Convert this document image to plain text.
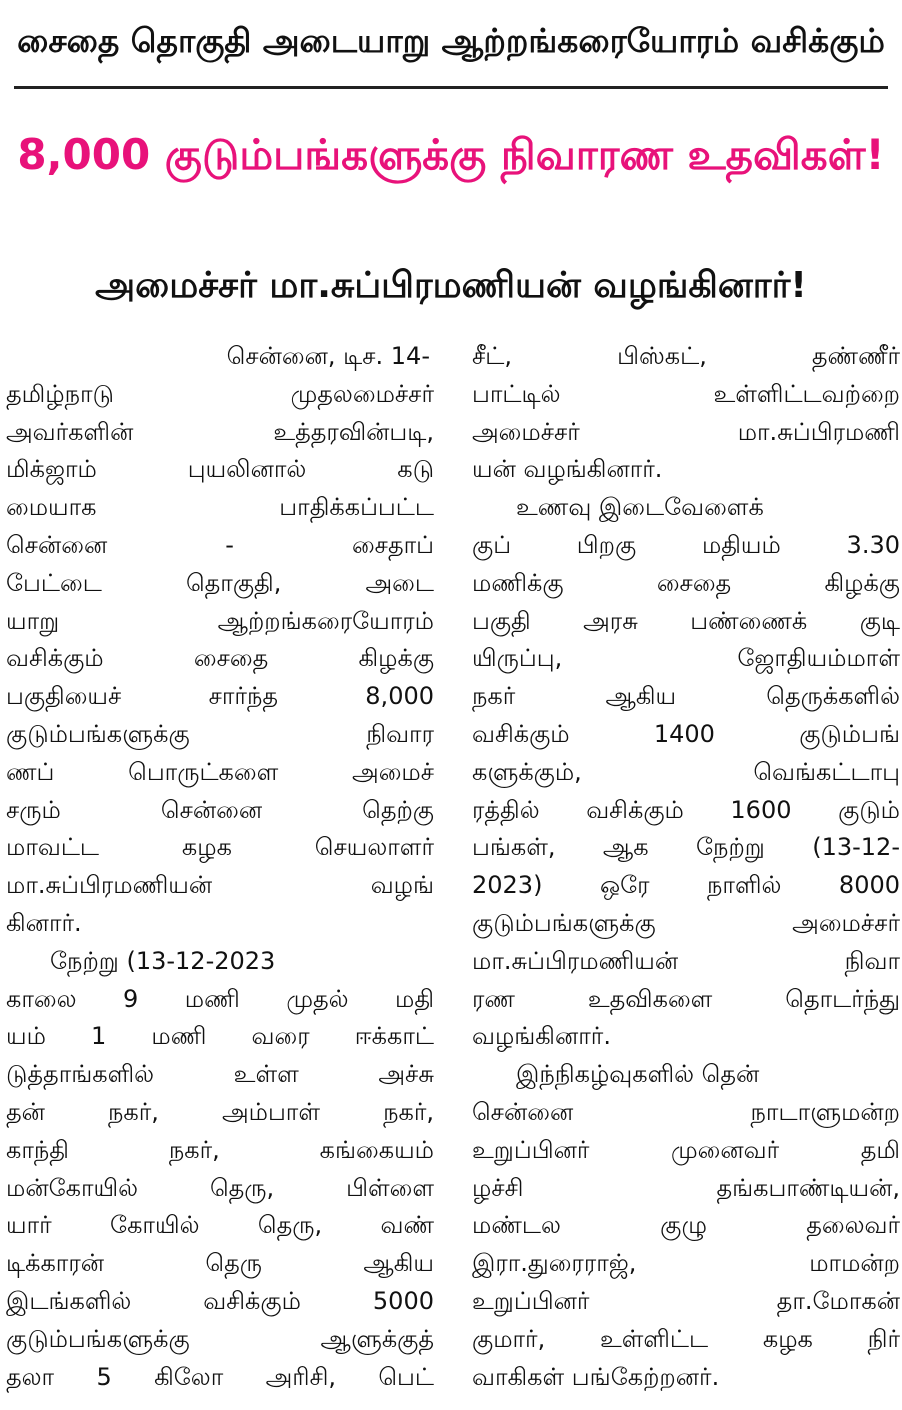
சைதை தொகுதி அடையாறு ஆற்றங்கரையோரம் வசிக்கும்
8,000 குடும்பங்களுக்கு நிவாரண உதவிகள்!
அமைச்சர் மா.சுப்பிரமணியன் வழங்கினார்!
சென்னை, டிச. 14-
தமிழ்நாடு முதலமைச்சர்
அவர்களின் உத்தரவின்படி,
மிக்ஜாம் புயலினால் கடு
மையாக பாதிக்கப்பட்ட
சென்னை - சைதாப்
பேட்டை தொகுதி, அடை
யாறு ஆற்றங்கரையோரம்
வசிக்கும் சைதை கிழக்கு
பகுதியைச் சார்ந்த 8,000
குடும்பங்களுக்கு நிவார
ணப் பொருட்களை அமைச்
சரும் சென்னை தெற்கு
மாவட்ட கழக செயலாளர்
மா.சுப்பிரமணியன் வழங்
கினார்.
நேற்று (13-12-2023
காலை 9 மணி முதல் மதி
யம் 1 மணி வரை ஈக்காட்
டுத்தாங்களில் உள்ள அச்சு
தன் நகர், அம்பாள் நகர்,
காந்தி நகர், கங்கையம்
மன்கோயில் தெரு, பிள்ளை
யார் கோயில் தெரு, வண்
டிக்காரன் தெரு ஆகிய
இடங்களில் வசிக்கும் 5000
குடும்பங்களுக்கு ஆளுக்குத்
தலா 5 கிலோ அரிசி, பெட்
சீட், பிஸ்கட், தண்ணீர்
பாட்டில் உள்ளிட்டவற்றை
அமைச்சர் மா.சுப்பிரமணி
யன் வழங்கினார்.
உணவு இடைவேளைக்
குப் பிறகு மதியம் 3.30
மணிக்கு சைதை கிழக்கு
பகுதி அரசு பண்ணைக் குடி
யிருப்பு, ஜோதியம்மாள்
நகர் ஆகிய தெருக்களில்
வசிக்கும் 1400 குடும்பங்
களுக்கும், வெங்கட்டாபு
ரத்தில் வசிக்கும் 1600 குடும்
பங்கள், ஆக நேற்று (13-12-
2023) ஒரே நாளில் 8000
குடும்பங்களுக்கு அமைச்சர்
மா.சுப்பிரமணியன் நிவா
ரண உதவிகளை தொடர்ந்து
வழங்கினார்.
இந்நிகழ்வுகளில் தென்
சென்னை நாடாளுமன்ற
உறுப்பினர் முனைவர் தமி
ழச்சி தங்கபாண்டியன்,
மண்டல குழு தலைவர்
இரா.துரைராஜ், மாமன்ற
உறுப்பினர் தா.மோகன்
குமார், உள்ளிட்ட கழக நிர்
வாகிகள் பங்கேற்றனர்.
